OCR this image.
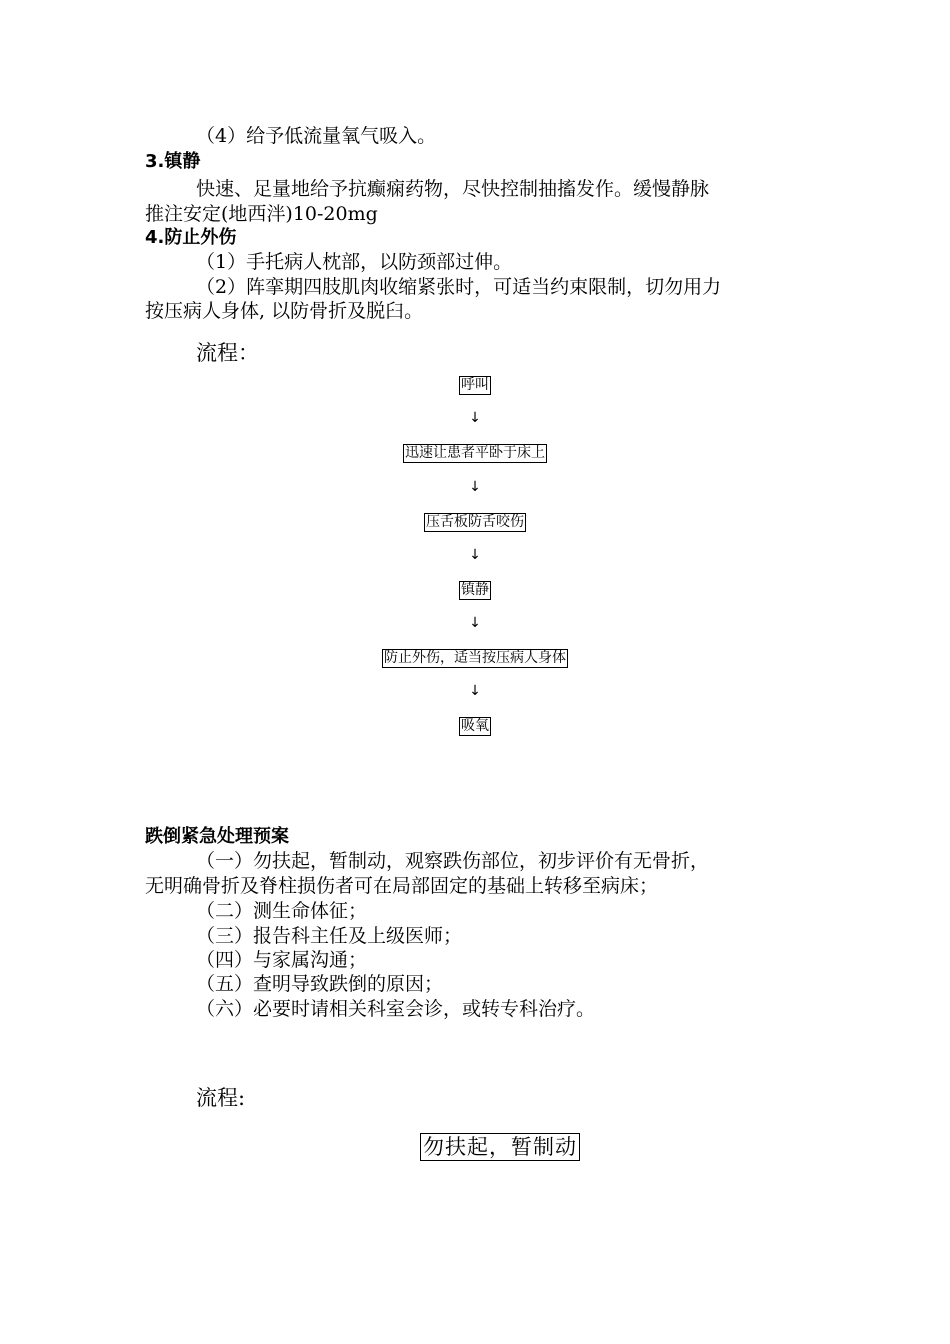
（4）给予低流量氧气吸入。
3.镇静
快速、足量地给予抗癫痫药物，尽快控制抽搐发作。缓慢静脉
推注安定(地西泮)10-20mg
4.防止外伤
（1）手托病人枕部，以防颈部过伸。
（2）阵挛期四肢肌肉收缩紧张时，可适当约束限制，切勿用力
按压病人身体, 以防骨折及脱臼。
流程：
呼叫
↓
迅速让患者平卧于床上
↓
压舌板防舌咬伤
↓
镇静
↓
防止外伤，适当按压病人身体
↓
吸氧
跌倒紧急处理预案
（一）勿扶起，暂制动，观察跌伤部位，初步评价有无骨折，
无明确骨折及脊柱损伤者可在局部固定的基础上转移至病床；
（二）测生命体征；
（三）报告科主任及上级医师；
（四）与家属沟通；
（五）查明导致跌倒的原因；
（六）必要时请相关科室会诊，或转专科治疗。
流程:
勿扶起，暂制动
